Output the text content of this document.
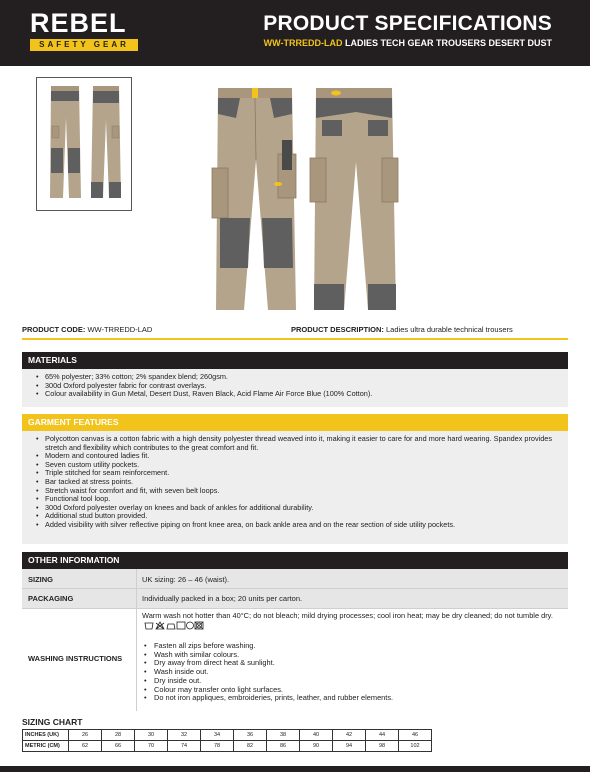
REBEL
SAFETY GEAR
PRODUCT SPECIFICATIONS
WW-TRREDD-LAD LADIES TECH GEAR TROUSERS DESERT DUST
PRODUCT CODE: WW-TRREDD-LAD	PRODUCT DESCRIPTION: Ladies ultra durable technical trousers
MATERIALS
• 65% polyester; 33% cotton; 2% spandex blend; 260gsm.
• 300d Oxford polyester fabric for contrast overlays.
• Colour availability in Gun Metal, Desert Dust, Raven Black, Acid Flame Air Force Blue (100% Cotton).
GARMENT FEATURES
• Polycotton canvas is a cotton fabric with a high density polyester thread weaved into it, making it easier to care for and more hard wearing. Spandex provides stretch and flexibility which contributes to the great comfort and fit.
• Modern and contoured ladies fit.
• Seven custom utility pockets.
• Triple stitched for seam reinforcement.
• Bar tacked at stress points.
• Stretch waist for comfort and fit, with seven belt loops.
• Functional tool loop.
• 300d Oxford polyester overlay on knees and back of ankles for additional durability.
• Additional stud button provided.
• Added visibility with silver reflective piping on front knee area, on back ankle area and on the rear section of side utility pockets.
OTHER INFORMATION
SIZING	UK sizing: 26 – 46 (waist).
PACKAGING	Individually packed in a box; 20 units per carton.
WASHING INSTRUCTIONS
Warm wash not hotter than 40°C; do not bleach; mild drying processes; cool iron heat; may be dry cleaned; do not tumble dry.
• Fasten all zips before washing.
• Wash with similar colours.
• Dry away from direct heat & sunlight.
• Wash inside out.
• Dry inside out.
• Colour may transfer onto light surfaces.
• Do not iron appliques, embroideries, prints, leather, and rubber elements.
SIZING CHART
INCHES (UK)	26	28	30	32	34	36	38	40	42	44	46
METRIC (CM)	62	66	70	74	78	82	86	90	94	98	102
